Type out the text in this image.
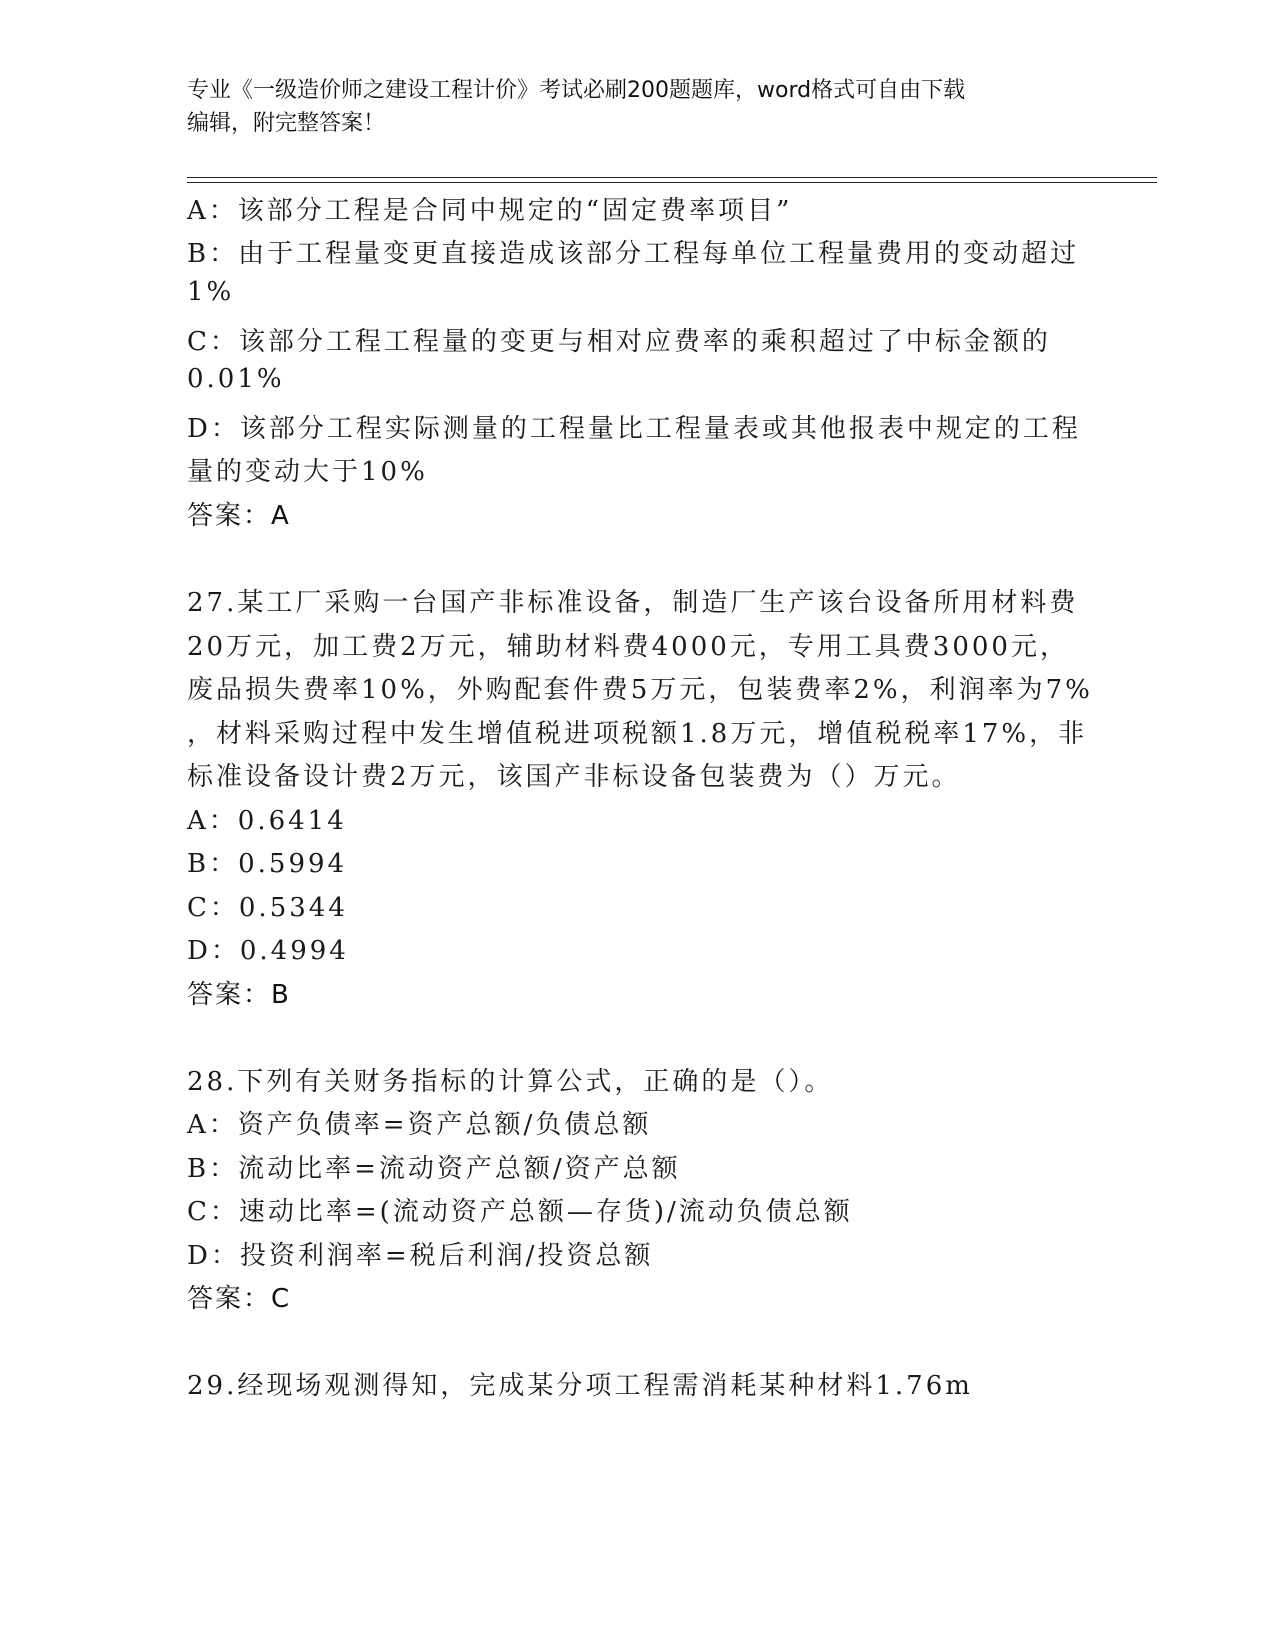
专业《一级造价师之建设工程计价》考试必刷200题题库，word格式可自由下载
编辑，附完整答案！
A：该部分工程是合同中规定的“固定费率项目”
B：由于工程量变更直接造成该部分工程每单位工程量费用的变动超过
1%
C：该部分工程工程量的变更与相对应费率的乘积超过了中标金额的
0.01%
D：该部分工程实际测量的工程量比工程量表或其他报表中规定的工程
量的变动大于10%
答案：A
27.某工厂采购一台国产非标准设备，制造厂生产该台设备所用材料费
20万元，加工费2万元，辅助材料费4000元，专用工具费3000元，
废品损失费率10%，外购配套件费5万元，包装费率2%，利润率为7%
，材料采购过程中发生增值税进项税额1.8万元，增值税税率17%，非
标准设备设计费2万元，该国产非标设备包装费为（）万元。
A：0.6414
B：0.5994
C：0.5344
D：0.4994
答案：B
28.下列有关财务指标的计算公式，正确的是（）。
A：资产负债率=资产总额/负债总额
B：流动比率=流动资产总额/资产总额
C：速动比率=(流动资产总额—存货)/流动负债总额
D：投资利润率=税后利润/投资总额
答案：C
29.经现场观测得知，完成某分项工程需消耗某种材料1.76m
